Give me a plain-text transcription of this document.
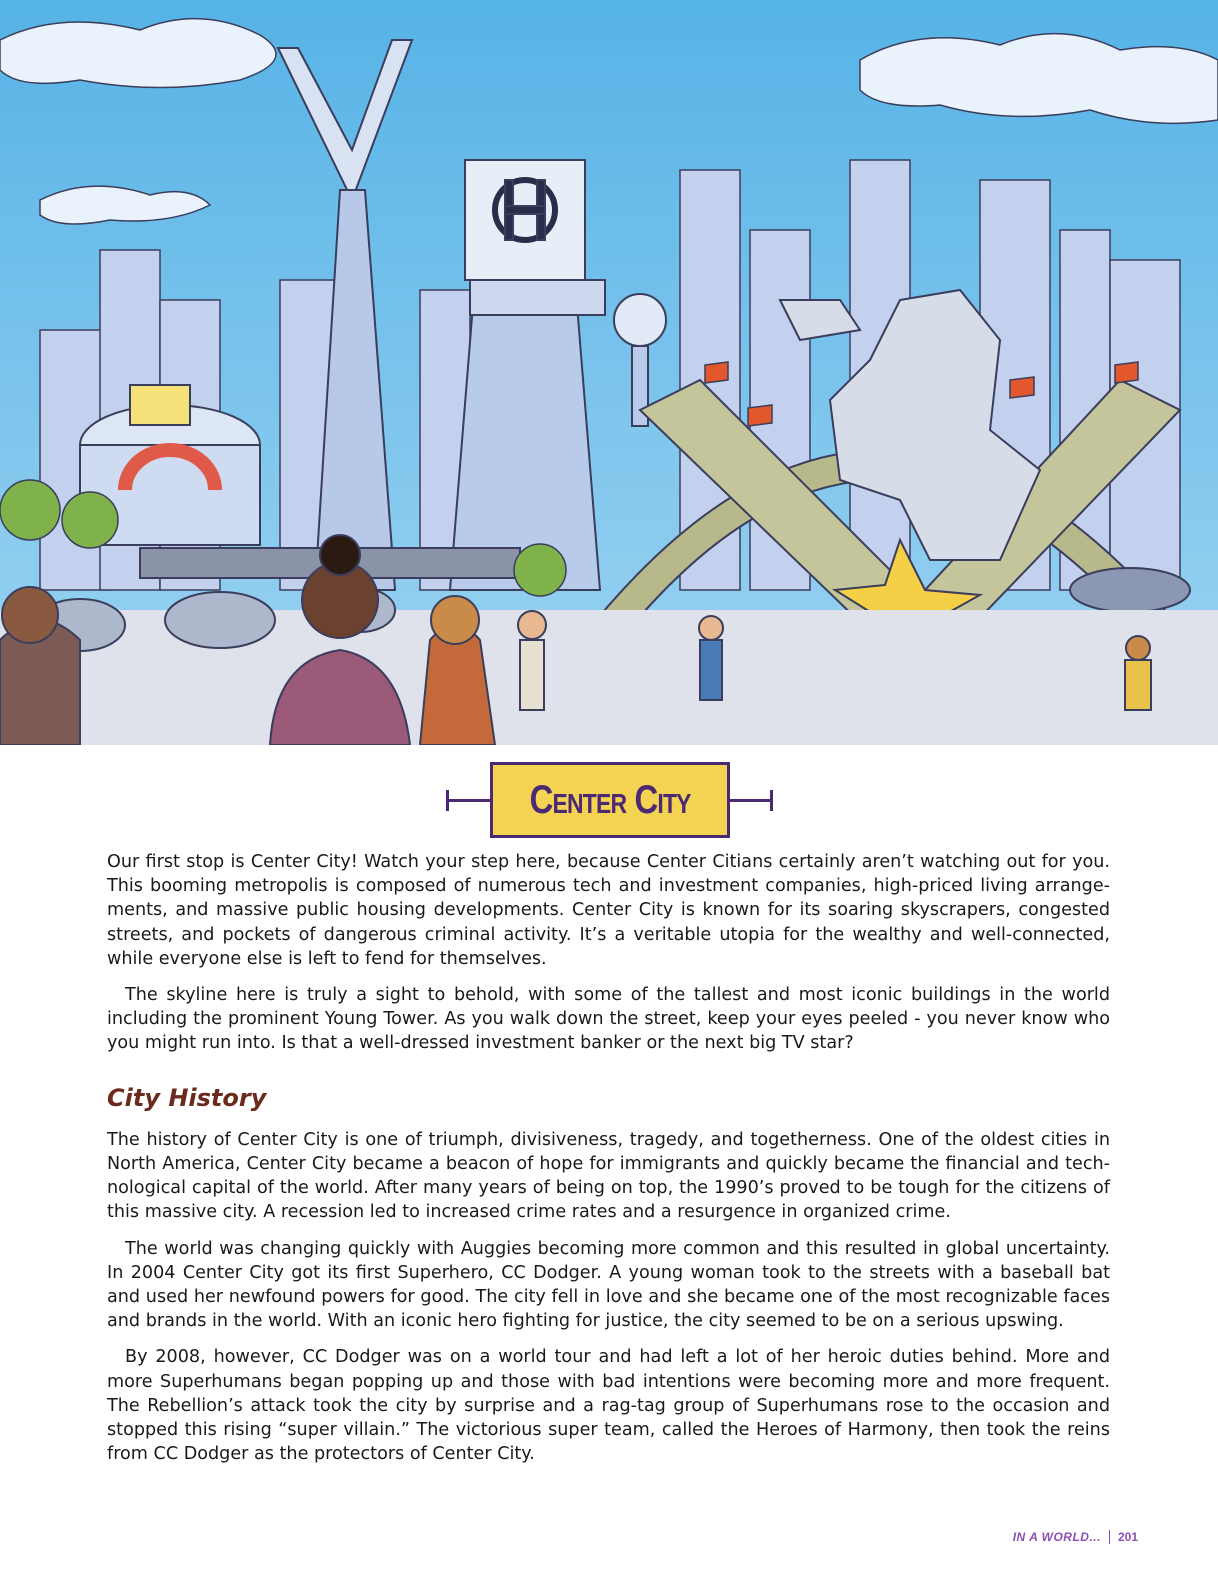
Center City

Our first stop is Center City! Watch your step here, because Center Citians certainly aren’t watching out for you. This booming metropolis is composed of numerous tech and investment companies, high-priced living arrange-ments, and massive public housing developments. Center City is known for its soaring skyscrapers, congested streets, and pockets of dangerous criminal activity. It’s a veritable utopia for the wealthy and well-connected, while everyone else is left to fend for themselves.

The skyline here is truly a sight to behold, with some of the tallest and most iconic buildings in the world including the prominent Young Tower. As you walk down the street, keep your eyes peeled - you never know who you might run into. Is that a well-dressed investment banker or the next big TV star?

City History

The history of Center City is one of triumph, divisiveness, tragedy, and togetherness. One of the oldest cities in North America, Center City became a beacon of hope for immigrants and quickly became the financial and tech-nological capital of the world. After many years of being on top, the 1990’s proved to be tough for the citizens of this massive city. A recession led to increased crime rates and a resurgence in organized crime.

The world was changing quickly with Auggies becoming more common and this resulted in global uncertainty. In 2004 Center City got its first Superhero, CC Dodger. A young woman took to the streets with a baseball bat and used her newfound powers for good. The city fell in love and she became one of the most recognizable faces and brands in the world. With an iconic hero fighting for justice, the city seemed to be on a serious upswing.

By 2008, however, CC Dodger was on a world tour and had left a lot of her heroic duties behind. More and more Superhumans began popping up and those with bad intentions were becoming more and more frequent. The Rebellion’s attack took the city by surprise and a rag-tag group of Superhumans rose to the occasion and stopped this rising “super villain.” The victorious super team, called the Heroes of Harmony, then took the reins from CC Dodger as the protectors of Center City.

IN A WORLD... 201
